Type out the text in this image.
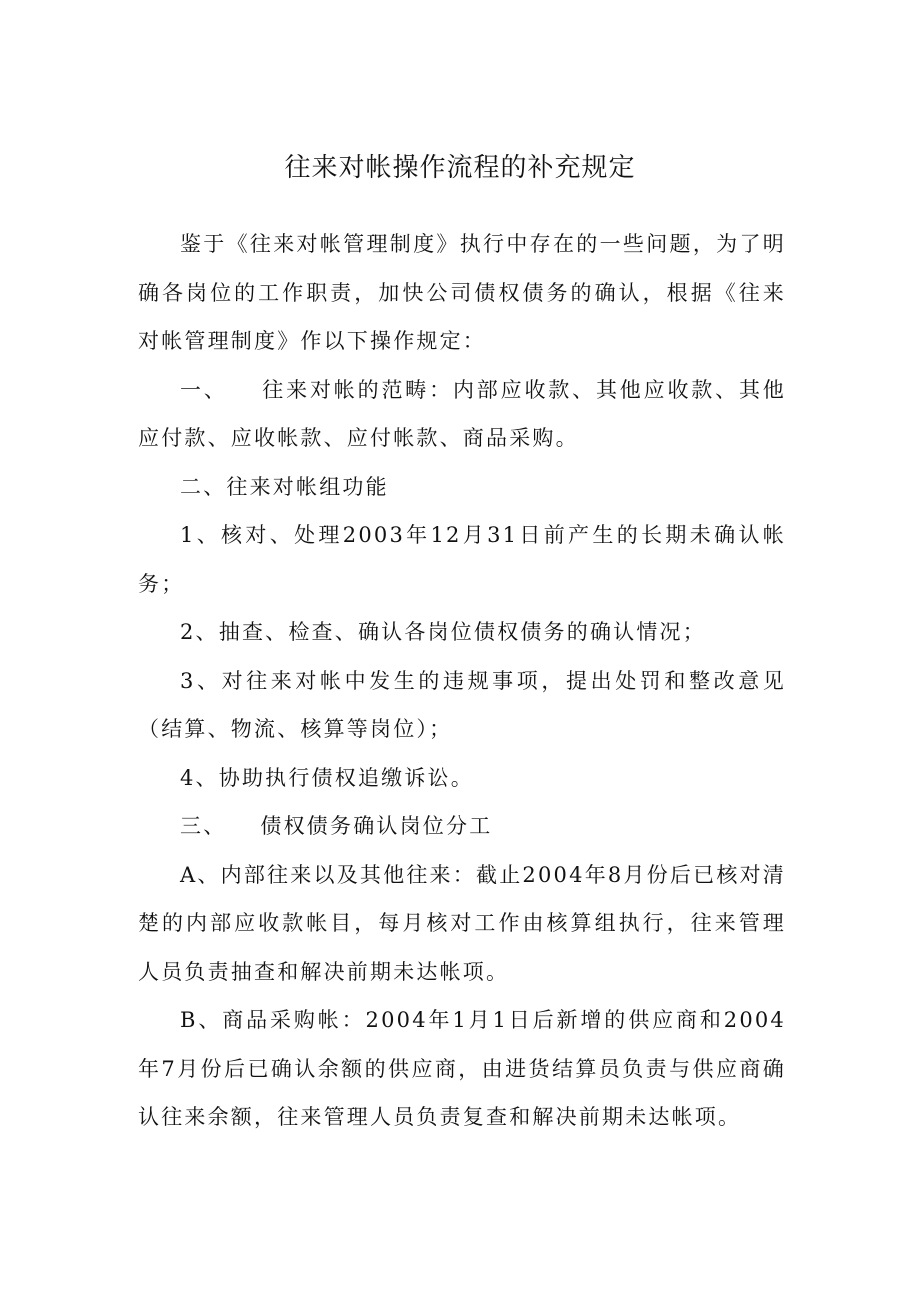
往来对帐操作流程的补充规定

鉴于《往来对帐管理制度》执行中存在的一些问题，为了明确各岗位的工作职责，加快公司债权债务的确认，根据《往来对帐管理制度》作以下操作规定：

一、 往来对帐的范畴：内部应收款、其他应收款、其他应付款、应收帐款、应付帐款、商品采购。

二、往来对帐组功能

1、核对、处理2003年12月31日前产生的长期未确认帐务；

2、抽查、检查、确认各岗位债权债务的确认情况；

3、对往来对帐中发生的违规事项，提出处罚和整改意见（结算、物流、核算等岗位）；

4、协助执行债权追缴诉讼。

三、 债权债务确认岗位分工

A、内部往来以及其他往来：截止2004年8月份后已核对清楚的内部应收款帐目，每月核对工作由核算组执行，往来管理人员负责抽查和解决前期未达帐项。

B、商品采购帐：2004年1月1日后新增的供应商和2004年7月份后已确认余额的供应商，由进货结算员负责与供应商确认往来余额，往来管理人员负责复查和解决前期未达帐项。
